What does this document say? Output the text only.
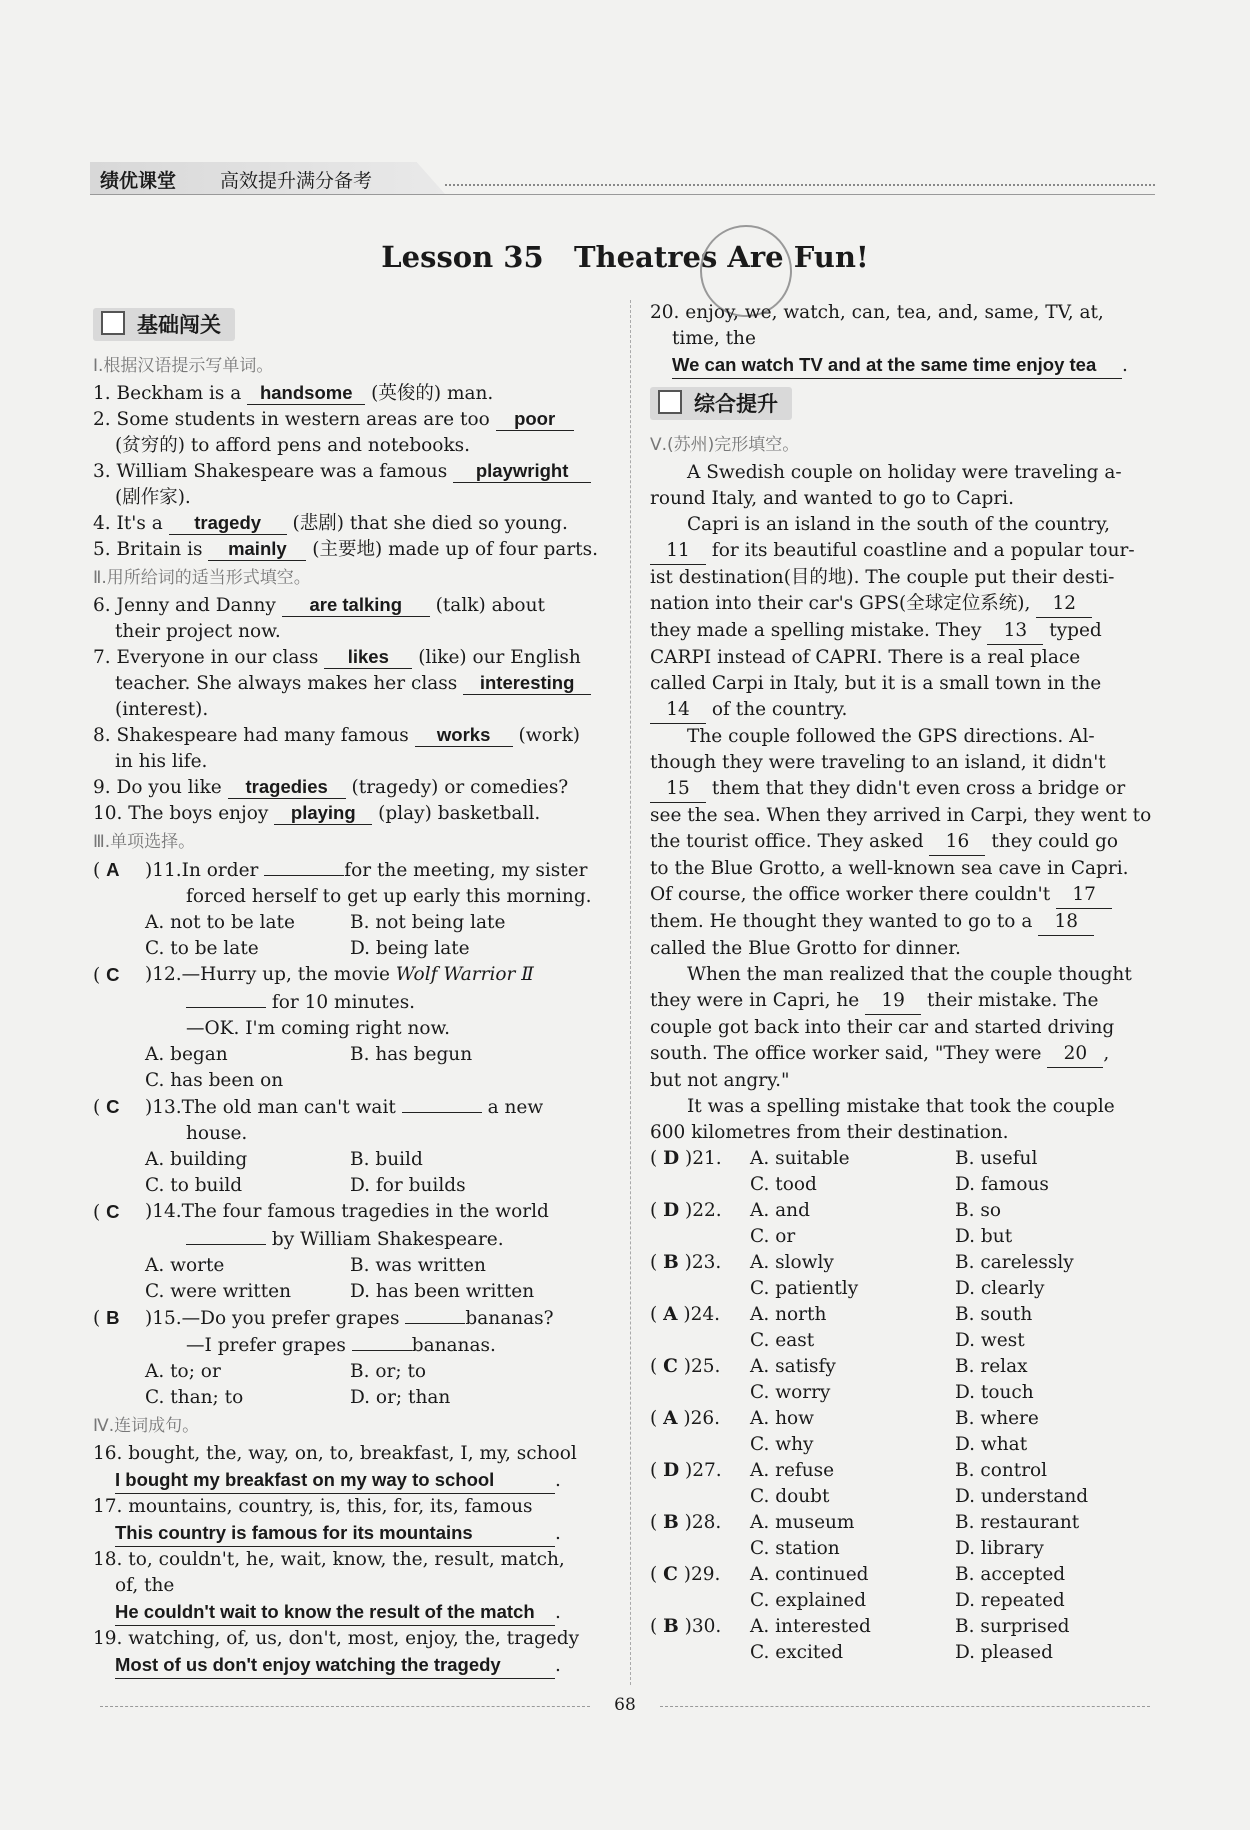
绩优课堂 高效提升满分备考
Lesson 35   Theatres Are Fun!
基础闯关
Ⅰ.根据汉语提示写单词。
1. Beckham is a handsome (英俊的) man.
2. Some students in western areas are too poor
(贫穷的) to afford pens and notebooks.
3. William Shakespeare was a famous playwright
(剧作家).
4. It's a tragedy (悲剧) that she died so young.
5. Britain is mainly (主要地) made up of four parts.
Ⅱ.用所给词的适当形式填空。
6. Jenny and Danny are talking (talk) about
their project now.
7. Everyone in our class likes (like) our English
teacher. She always makes her class interesting
(interest).
8. Shakespeare had many famous works (work)
in his life.
9. Do you like tragedies (tragedy) or comedies?
10. The boys enjoy playing (play) basketball.
Ⅲ.单项选择。
( A	)11.In order	for the meeting, my sister
forced herself to get up early this morning.
A. not to be late	B. not being late
C. to be late	D. being late
( C	)12.—Hurry up, the movie Wolf Warrior Ⅱ
for 10 minutes.
—OK. I'm coming right now.
A. began	B. has begun
C. has been on
( C	)13.The old man can't wait	a new
house.
A. building	B. build
C. to build	D. for builds
( C	)14.The four famous tragedies in the world
by William Shakespeare.
A. worte	B. was written
C. were written	D. has been written
( B	)15.—Do you prefer grapes	bananas?
—I prefer grapes	bananas.
A. to; or	B. or; to
C. than; to	D. or; than
Ⅳ.连词成句。
16. bought, the, way, on, to, breakfast, I, my, school
I bought my breakfast on my way to school	.
17. mountains, country, is, this, for, its, famous
This country is famous for its mountains	.
18. to, couldn't, he, wait, know, the, result, match,
of, the
He couldn't wait to know the result of the match .
19. watching, of, us, don't, most, enjoy, the, tragedy
Most of us don't enjoy watching the tragedy	.
20. enjoy, we, watch, can, tea, and, same, TV, at,
time, the
We can watch TV and at the same time enjoy tea .
综合提升
Ⅴ.(苏州)完形填空。

A Swedish couple on holiday were traveling a-

round Italy, and wanted to go to Capri.

Capri is an island in the south of the country,

11 for its beautiful coastline and a popular tour-

ist destination(目的地). The couple put their desti-

nation into their car's GPS(全球定位系统), 12

they made a spelling mistake. They 13 typed

CARPI instead of CAPRI. There is a real place

called Carpi in Italy, but it is a small town in the

14 of the country.

The couple followed the GPS directions. Al-

though they were traveling to an island, it didn't

15 them that they didn't even cross a bridge or

see the sea. When they arrived in Carpi, they went to

the tourist office. They asked 16 they could go

to the Blue Grotto, a well-known sea cave in Capri.

Of course, the office worker there couldn't 17

them. He thought they wanted to go to a 18

called the Blue Grotto for dinner.

When the man realized that the couple thought

they were in Capri, he 19 their mistake. The

couple got back into their car and started driving

south. The office worker said, "They were 20 ,

but not angry."

It was a spelling mistake that took the couple

600 kilometres from their destination.

( D )21.	A. suitable	B. useful
C. tood	D. famous
( D )22.	A. and	B. so
C. or	D. but
( B )23.	A. slowly	B. carelessly
C. patiently	D. clearly
( A )24.	A. north	B. south
C. east	D. west
( C )25.	A. satisfy	B. relax
C. worry	D. touch
( A )26.	A. how	B. where
C. why	D. what
( D )27.	A. refuse	B. control
C. doubt	D. understand
( B )28.	A. museum	B. restaurant
C. station	D. library
( C )29.	A. continued	B. accepted
C. explained	D. repeated
( B )30.	A. interested	B. surprised
C. excited	D. pleased
68
